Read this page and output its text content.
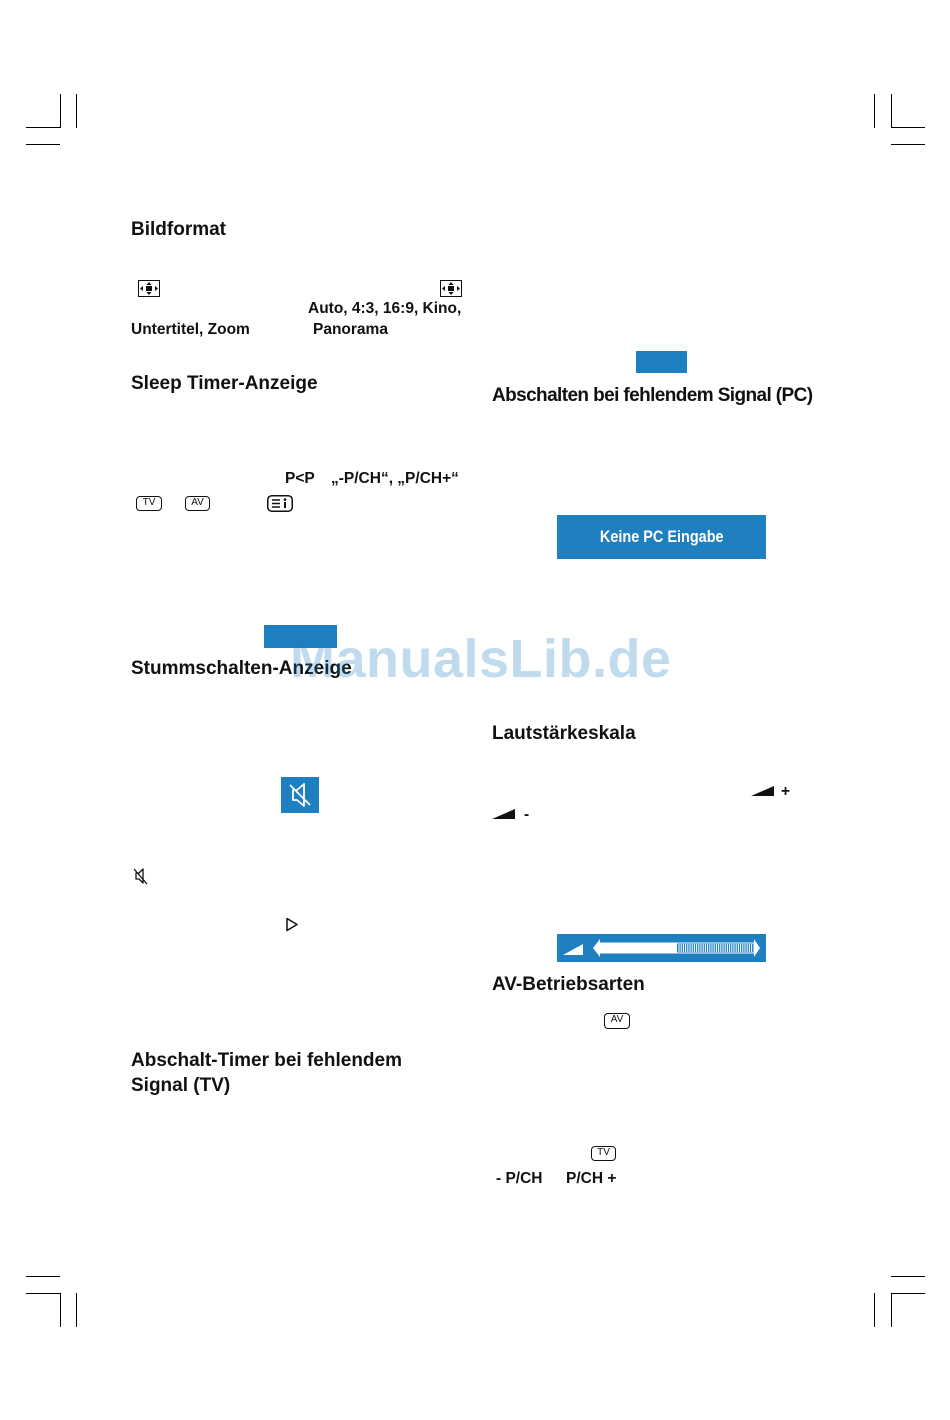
Bildformat
Auto, 4:3, 16:9, Kino,
Untertitel, Zoom	Panorama
Sleep Timer-Anzeige
P<P „-P/CH“, „P/CH+“
TV	AV
Stummschalten-Anzeige
Abschalt-Timer bei fehlendem
Signal (TV)
Abschalten bei fehlendem Signal (PC)
Keine PC Eingabe
ManualsLib.de
Lautstärkeskala
+
-
AV-Betriebsarten
AV
TV
- P/CH P/CH +
